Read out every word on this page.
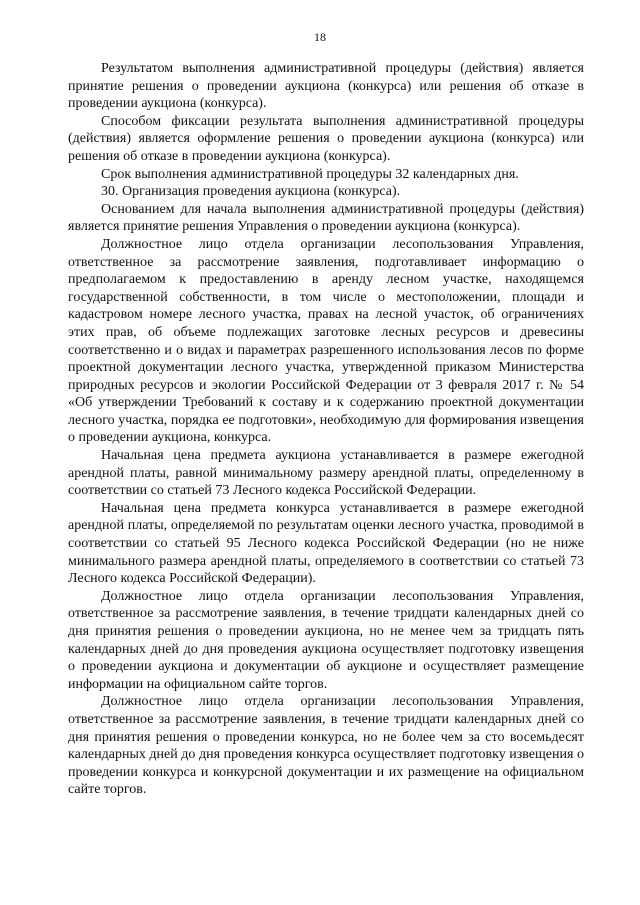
18

Результатом выполнения административной процедуры (действия) является принятие решения о проведении аукциона (конкурса) или решения об отказе в проведении аукциона (конкурса).

Способом фиксации результата выполнения административной процедуры (действия) является оформление решения о проведении аукциона (конкурса) или решения об отказе в проведении аукциона (конкурса).

Срок выполнения административной процедуры 32 календарных дня.

30. Организация проведения аукциона (конкурса).

Основанием для начала выполнения административной процедуры (действия) является принятие решения Управления о проведении аукциона (конкурса).

Должностное лицо отдела организации лесопользования Управления, ответственное за рассмотрение заявления, подготавливает информацию о предполагаемом к предоставлению в аренду лесном участке, находящемся государственной собственности, в том числе о местоположении, площади и кадастровом номере лесного участка, правах на лесной участок, об ограничениях этих прав, об объеме подлежащих заготовке лесных ресурсов и древесины соответственно и о видах и параметрах разрешенного использования лесов по форме проектной документации лесного участка, утвержденной приказом Министерства природных ресурсов и экологии Российской Федерации от 3 февраля 2017 г. № 54 «Об утверждении Требований к составу и к содержанию проектной документации лесного участка, порядка ее подготовки», необходимую для формирования извещения о проведении аукциона, конкурса.

Начальная цена предмета аукциона устанавливается в размере ежегодной арендной платы, равной минимальному размеру арендной платы, определенному в соответствии со статьей 73 Лесного кодекса Российской Федерации.

Начальная цена предмета конкурса устанавливается в размере ежегодной арендной платы, определяемой по результатам оценки лесного участка, проводимой в соответствии со статьей 95 Лесного кодекса Российской Федерации (но не ниже минимального размера арендной платы, определяемого в соответствии со статьей 73 Лесного кодекса Российской Федерации).

Должностное лицо отдела организации лесопользования Управления, ответственное за рассмотрение заявления, в течение тридцати календарных дней со дня принятия решения о проведении аукциона, но не менее чем за тридцать пять календарных дней до дня проведения аукциона осуществляет подготовку извещения о проведении аукциона и документации об аукционе и осуществляет размещение информации на официальном сайте торгов.

Должностное лицо отдела организации лесопользования Управления, ответственное за рассмотрение заявления, в течение тридцати календарных дней со дня принятия решения о проведении конкурса, но не более чем за сто восемьдесят календарных дней до дня проведения конкурса осуществляет подготовку извещения о проведении конкурса и конкурсной документации и их размещение на официальном сайте торгов.
